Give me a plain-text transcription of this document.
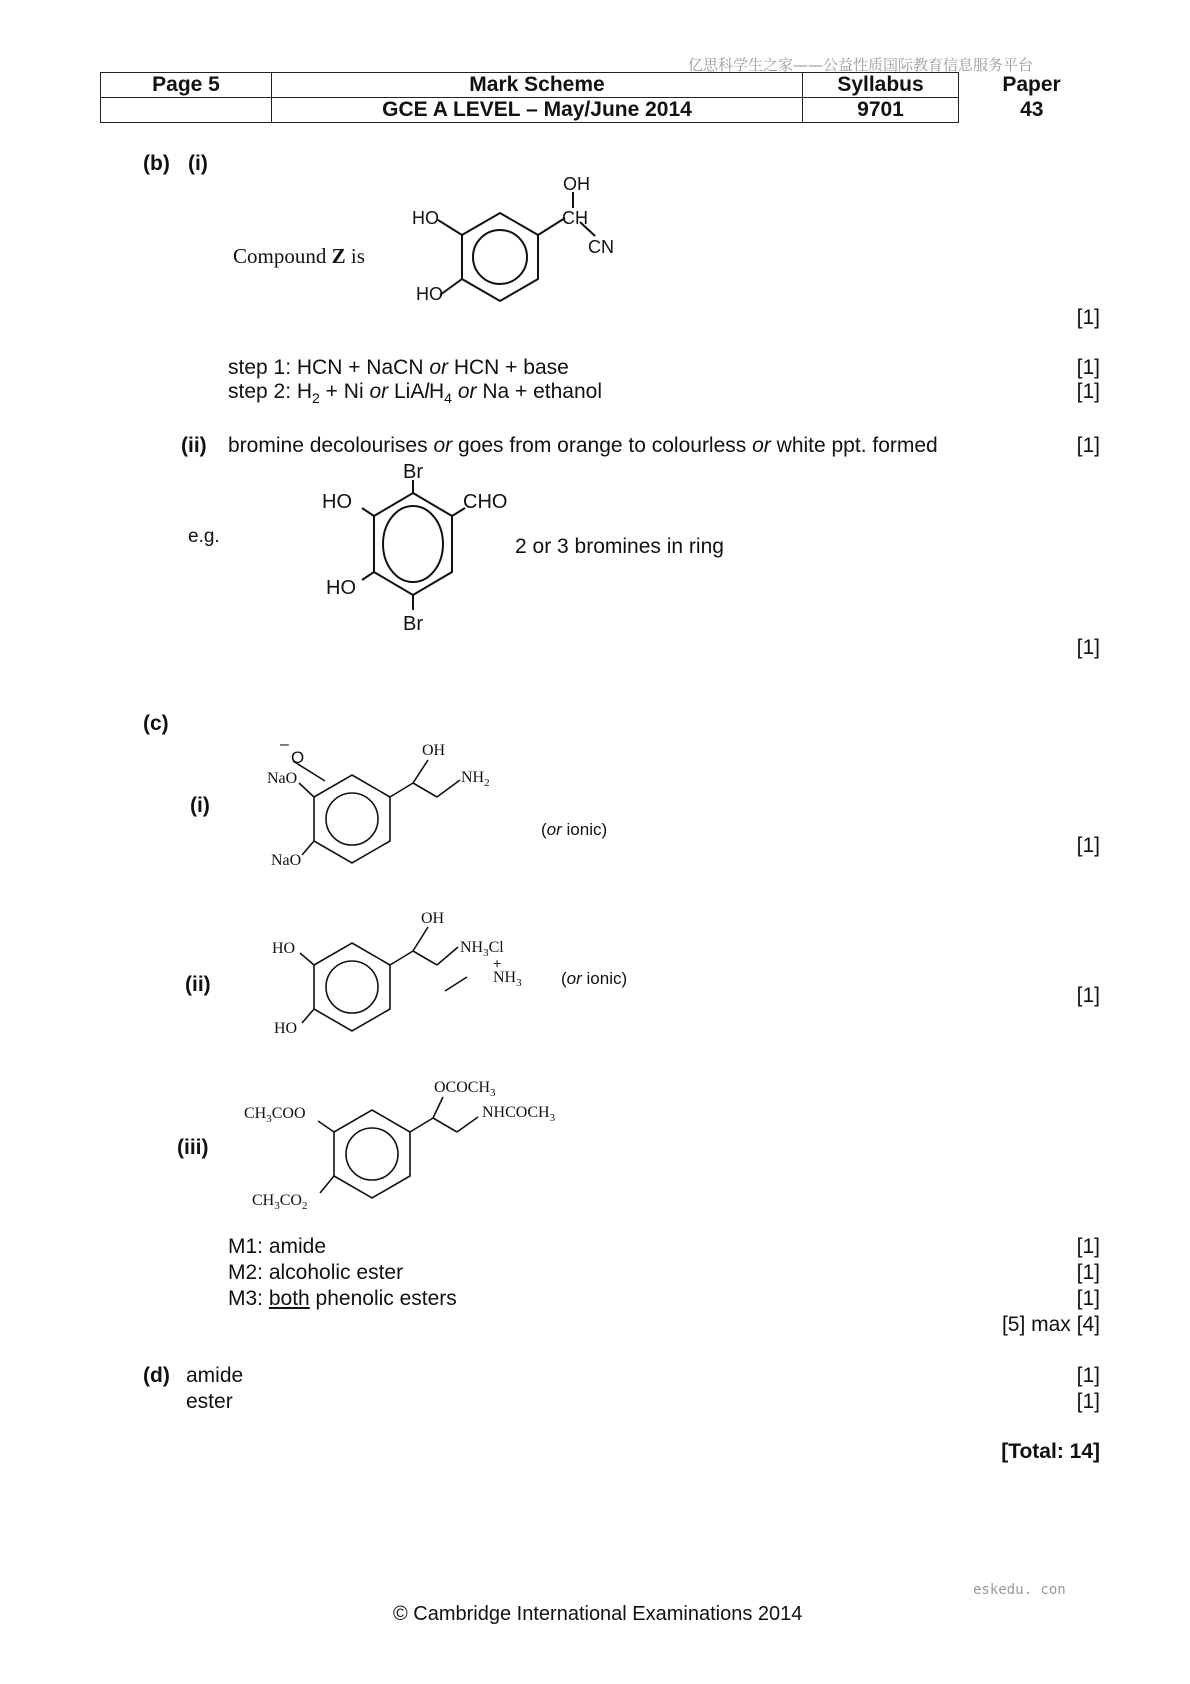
亿思科学生之家——公益性质国际教育信息服务平台
Page 5	Mark Scheme	Syllabus	Paper
	GCE A LEVEL – May/June 2014	9701	43
(b) (i)
Compound Z is
OH
CH
CN
HO
HO
[1]
step 1: HCN + NaCN or HCN + base	[1]
step 2: $H_2 + Ni$ or LiAlH$_4$ or Na + ethanol	[1]
(ii) bromine decolourises or goes from orange to colourless or white ppt. formed	[1]
e.g.
Br
HO	CHO
HO
Br
2 or 3 bromines in ring
[1]
(c)
(i)
–
O
NaO
NaO
OH
$NH_2$
(or ionic)
[1]
(ii)
HO
HO
OH
$NH_3Cl$
+
$NH_3$ (or ionic)
[1]
(iii)
$OCOCH_3$
$CH_3COO$	$NHCOCH_3$
$CH_3CO_2$
M1: amide	[1]
M2: alcoholic ester	[1]
M3: both phenolic esters	[1]
[5] max [4]
(d) amide	[1]
ester	[1]
[Total: 14]
eskedu. con
© Cambridge International Examinations 2014
